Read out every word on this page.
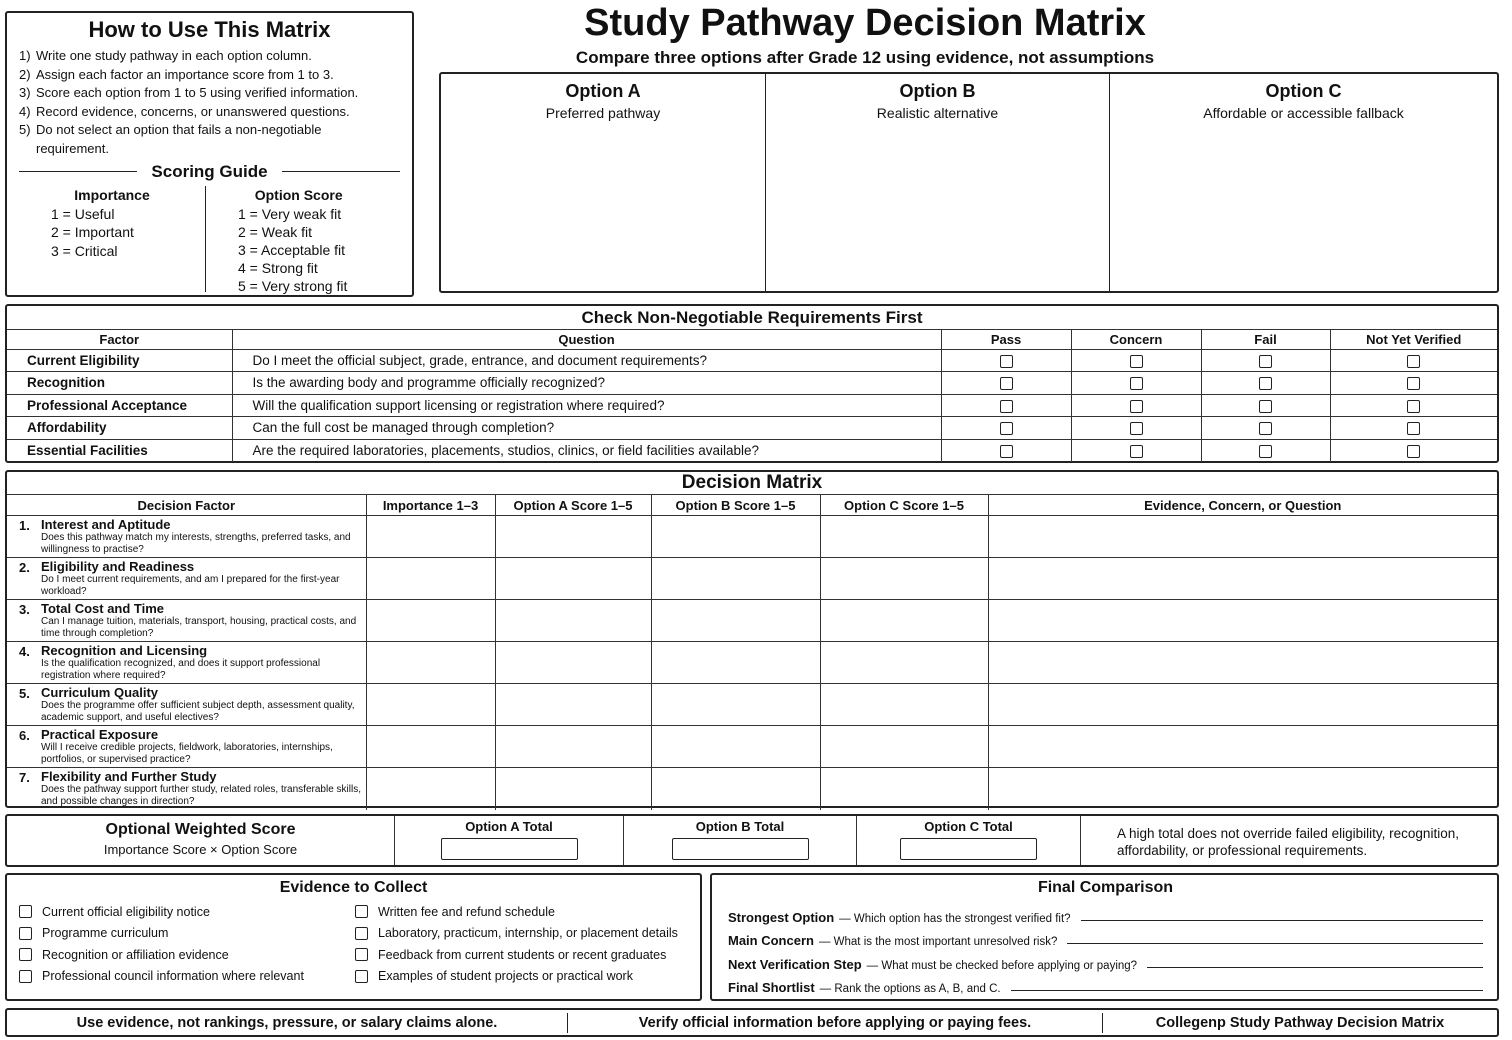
How to Use This Matrix
1) Write one study pathway in each option column.
2) Assign each factor an importance score from 1 to 3.
3) Score each option from 1 to 5 using verified information.
4) Record evidence, concerns, or unanswered questions.
5) Do not select an option that fails a non-negotiable requirement.
Scoring Guide
Importance
1 = Useful
2 = Important
3 = Critical
Option Score
1 = Very weak fit
2 = Weak fit
3 = Acceptable fit
4 = Strong fit
5 = Very strong fit
Study Pathway Decision Matrix
Compare three options after Grade 12 using evidence, not assumptions
Option A
Preferred pathway
Option B
Realistic alternative
Option C
Affordable or accessible fallback
Check Non-Negotiable Requirements First
Factor	Question	Pass	Concern	Fail	Not Yet Verified
Current Eligibility	Do I meet the official subject, grade, entrance, and document requirements?				
Recognition	Is the awarding body and programme officially recognized?				
Professional Acceptance	Will the qualification support licensing or registration where required?				
Affordability	Can the full cost be managed through completion?				
Essential Facilities	Are the required laboratories, placements, studios, clinics, or field facilities available?				
Decision Matrix
Decision Factor	Importance 1–3	Option A Score 1–5	Option B Score 1–5	Option C Score 1–5	Evidence, Concern, or Question

1. Interest and Aptitude
Does this pathway match my interests, strengths, preferred tasks, and willingness to practise?					

2. Eligibility and Readiness
Do I meet current requirements, and am I prepared for the first-year workload?					

3. Total Cost and Time
Can I manage tuition, materials, transport, housing, practical costs, and time through completion?					

4. Recognition and Licensing
Is the qualification recognized, and does it support professional registration where required?					

5. Curriculum Quality
Does the programme offer sufficient subject depth, assessment quality, academic support, and useful electives?					

6. Practical Exposure
Will I receive credible projects, fieldwork, laboratories, internships, portfolios, or supervised practice?					

7. Flexibility and Further Study
Does the pathway support further study, related roles, transferable skills, and possible changes in direction?					

Optional Weighted Score
Importance Score × Option Score
Option A Total	Option B Total	Option C Total	A high total does not override failed eligibility, recognition, affordability, or professional requirements.
Evidence to Collect
Current official eligibility notice
Programme curriculum
Recognition or affiliation evidence
Professional council information where relevant
Written fee and refund schedule
Laboratory, practicum, internship, or placement details
Feedback from current students or recent graduates
Examples of student projects or practical work
Final Comparison
Strongest Option — Which option has the strongest verified fit?
Main Concern — What is the most important unresolved risk?
Next Verification Step — What must be checked before applying or paying?
Final Shortlist — Rank the options as A, B, and C.
Use evidence, not rankings, pressure, or salary claims alone.	Verify official information before applying or paying fees.	Collegenp Study Pathway Decision Matrix
